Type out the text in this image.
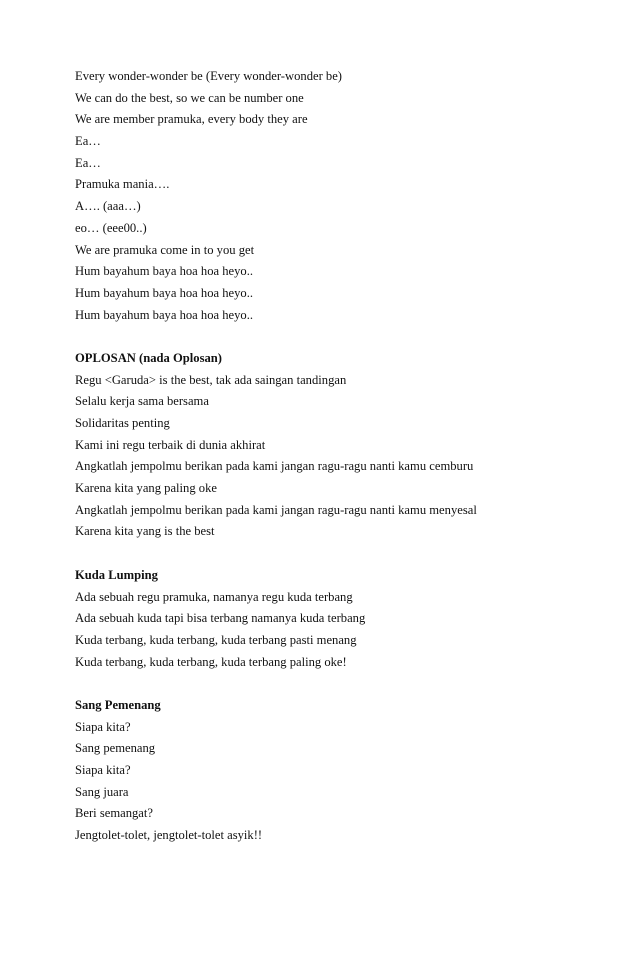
Every wonder-wonder be (Every wonder-wonder be)

We can do the best, so we can be number one

We are member pramuka, every body they are

Ea…

Ea…

Pramuka mania….

A…. (aaa…)

eo… (eee00..)

We are pramuka come in to you get

Hum bayahum baya hoa hoa heyo..

Hum bayahum baya hoa hoa heyo..

Hum bayahum baya hoa hoa heyo..

OPLOSAN (nada Oplosan)

Regu <Garuda> is the best, tak ada saingan tandingan

Selalu kerja sama bersama

Solidaritas penting

Kami ini regu terbaik di dunia akhirat

Angkatlah jempolmu berikan pada kami jangan ragu-ragu nanti kamu cemburu

Karena kita yang paling oke

Angkatlah jempolmu berikan pada kami jangan ragu-ragu nanti kamu menyesal

Karena kita yang is the best

Kuda Lumping

Ada sebuah regu pramuka, namanya regu kuda terbang

Ada sebuah kuda tapi bisa terbang namanya kuda terbang

Kuda terbang, kuda terbang, kuda terbang pasti menang

Kuda terbang, kuda terbang, kuda terbang paling oke!

Sang Pemenang

Siapa kita?

Sang pemenang

Siapa kita?

Sang juara

Beri semangat?

Jengtolet-tolet, jengtolet-tolet asyik!!
